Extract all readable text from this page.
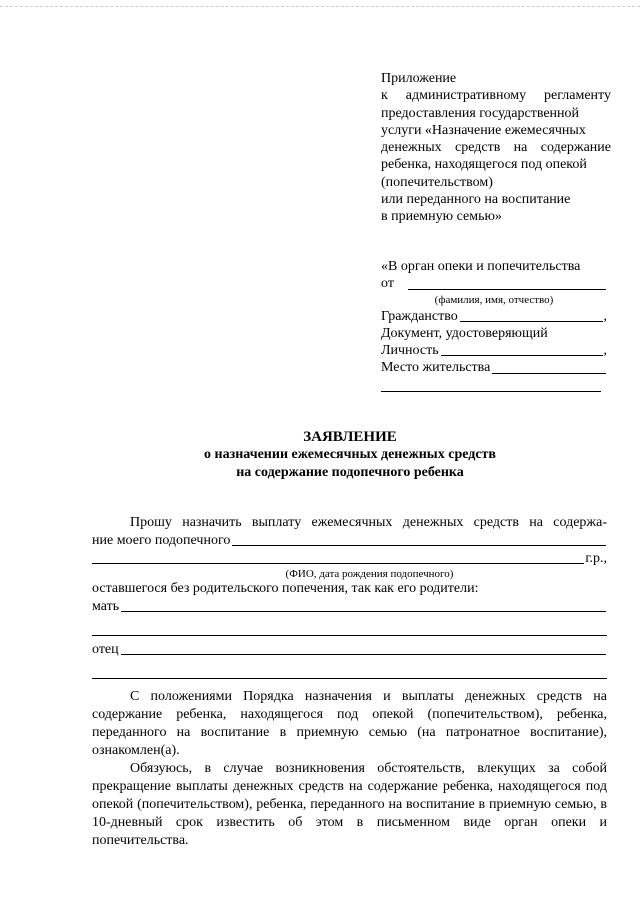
Приложение
к административному регламенту
предоставления государственной
услуги «Назначение ежемесячных
денежных средств на содержание
ребенка, находящегося под опекой
(попечительством)
или переданного на воспитание
в приемную семью»
«В орган опеки и попечительства
от
(фамилия, имя, отчество)
Гражданство	,
Документ, удостоверяющий
Личность	,
Место жительства
ЗАЯВЛЕНИЕ
о назначении ежемесячных денежных средств
на содержание подопечного ребенка
Прошу назначить выплату ежемесячных денежных средств на содержа-
ние моего подопечного
г.р.,
(ФИО, дата рождения подопечного)
оставшегося без родительского попечения, так как его родители:
мать
отец

С положениями Порядка назначения и выплаты денежных средств на содержание ребенка, находящегося под опекой (попечительством), ребенка, переданного на воспитание в приемную семью (на патронатное воспитание), ознакомлен(а).

Обязуюсь, в случае возникновения обстоятельств, влекущих за собой прекращение выплаты денежных средств на содержание ребенка, находящегося под опекой (попечительством), ребенка, переданного на воспитание в приемную семью, в 10-дневный срок известить об этом в письменном виде орган опеки и попечительства.
